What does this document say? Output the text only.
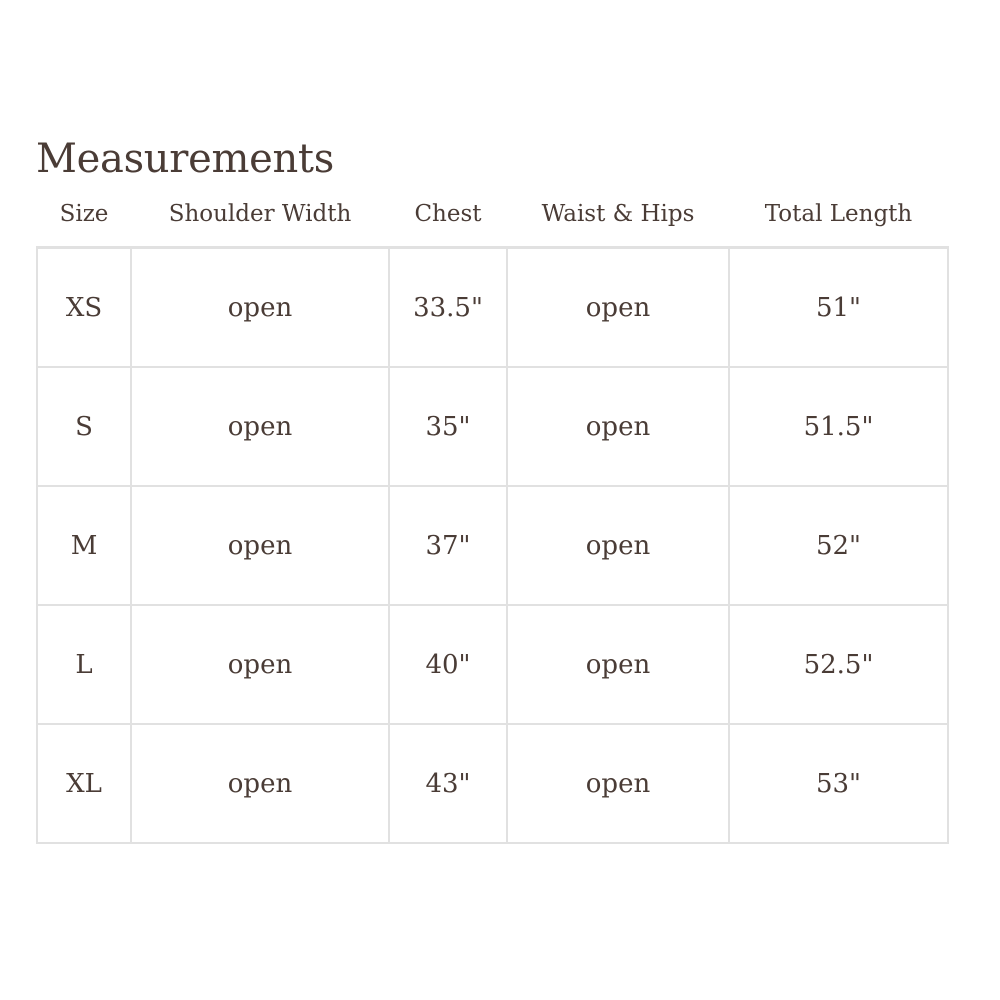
Measurements
Size	Shoulder Width	Chest	Waist & Hips	Total Length
XS	open	33.5"	open	51"
S	open	35"	open	51.5"
M	open	37"	open	52"
L	open	40"	open	52.5"
XL	open	43"	open	53"
